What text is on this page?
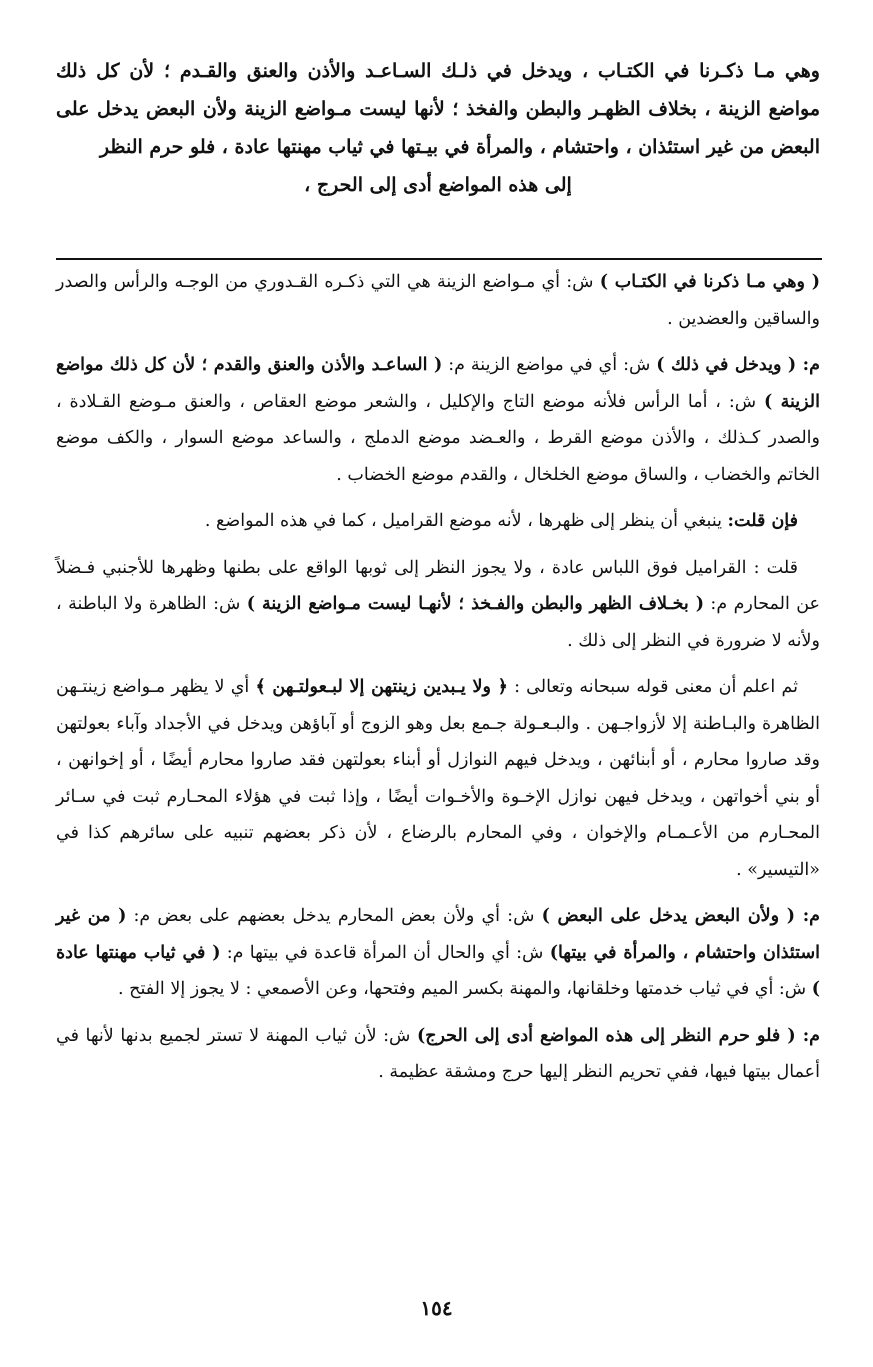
وهي مـا ذكـرنا في الكتـاب ، ويدخل في ذلـك السـاعـد والأذن والعنق والقـدم ؛ لأن كل ذلك مواضع الزينة ، بخلاف الظهـر والبطن والفخذ ؛ لأنها ليست مـواضع الزينة ولأن البعض يدخل على البعض من غير استئذان ، واحتشام ، والمرأة في بيـتها في ثياب مهنتها عادة ، فلو حرم النظر
إلى هذه المواضع أدى إلى الحرج ،

( وهي مـا ذكرنا في الكتـاب ) ش: أي مـواضع الزينة هي التي ذكـره القـدوري من الوجـه والرأس والصدر والساقين والعضدين .

م: ( ويدخل في ذلك ) ش: أي في مواضع الزينة م: ( الساعـد والأذن والعنق والقدم ؛ لأن كل ذلك مواضع الزينة ) ش: ، أما الرأس فلأنه موضع التاج والإكليل ، والشعر موضع العقاص ، والعنق مـوضع القـلادة ، والصدر كـذلك ، والأذن موضع القرط ، والعـضد موضع الدملج ، والساعد موضع السوار ، والكف موضع الخاتم والخضاب ، والساق موضع الخلخال ، والقدم موضع الخضاب .

فإن قلت: ينبغي أن ينظر إلى ظهرها ، لأنه موضع القراميل ، كما في هذه المواضع .

قلت : القراميل فوق اللباس عادة ، ولا يجوز النظر إلى ثوبها الواقع على بطنها وظهرها للأجنبي فـضلاً عن المحارم م: ( بخـلاف الظهر والبطن والفـخذ ؛ لأنهـا ليست مـواضع الزينة ) ش: الظاهرة ولا الباطنة ، ولأنه لا ضرورة في النظر إلى ذلك .

ثم اعلم أن معنى قوله سبحانه وتعالى : ﴿ ولا يـبدين زينتهن إلا لبـعولتـهن ﴾ أي لا يظهر مـواضع زينتـهن الظاهرة والبـاطنة إلا لأزواجـهن . والبـعـولة جـمع بعل وهو الزوج أو آباؤهن ويدخل في الأجداد وآباء بعولتهن وقد صاروا محارم ، أو أبنائهن ، ويدخل فيهم النوازل أو أبناء بعولتهن فقد صاروا محارم أيضًا ، أو إخوانهن ، أو بني أخواتهن ، ويدخل فيهن نوازل الإخـوة والأخـوات أيضًا ، وإذا ثبت في هؤلاء المحـارم ثبت في سـائر المحـارم من الأعـمـام والإخوان ، وفي المحارم بالرضاع ، لأن ذكر بعضهم تنبيه على سائرهم كذا في «التيسير» .

م: ( ولأن البعض يدخل على البعض ) ش: أي ولأن بعض المحارم يدخل بعضهم على بعض م: ( من غير استئذان واحتشام ، والمرأة في بيتها) ش: أي والحال أن المرأة قاعدة في بيتها م: ( في ثياب مهنتها عادة ) ش: أي في ثياب خدمتها وخلقانها، والمهنة بكسر الميم وفتحها، وعن الأصمعي : لا يجوز إلا الفتح .

م: ( فلو حرم النظر إلى هذه المواضع أدى إلى الحرج) ش: لأن ثياب المهنة لا تستر لجميع بدنها لأنها في أعمال بيتها فيها، ففي تحريم النظر إليها حرج ومشقة عظيمة .

١٥٤
